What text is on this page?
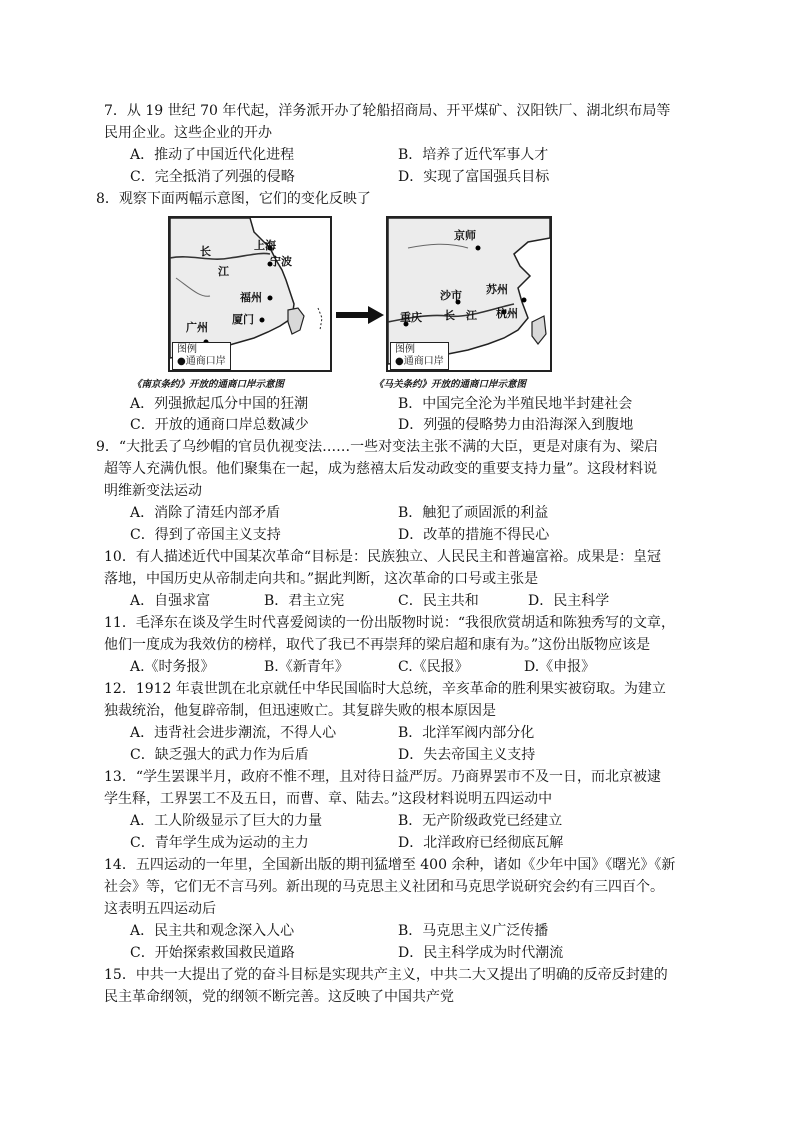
7．从 19 世纪 70 年代起，洋务派开办了轮船招商局、开平煤矿、汉阳铁厂、湖北织布局等
民用企业。这些企业的开办
A．推动了中国近代化进程	B．培养了近代军事人才
C．完全抵消了列强的侵略	D．实现了富国强兵目标
8．观察下面两幅示意图，它们的变化反映了
上海
长
江
宁波
福州
厦门
广州
图例
●通商口岸
《南京条约》开放的通商口岸示意图
京师
苏州
沙市
长 江 杭州
重庆
图例
●通商口岸
《马关条约》开放的通商口岸示意图
A．列强掀起瓜分中国的狂潮	B．中国完全沦为半殖民地半封建社会
C．开放的通商口岸总数减少	D．列强的侵略势力由沿海深入到腹地
9．“大批丢了乌纱帽的官员仇视变法……一些对变法主张不满的大臣，更是对康有为、梁启
超等人充满仇恨。他们聚集在一起，成为慈禧太后发动政变的重要支持力量”。这段材料说
明维新变法运动
A．消除了清廷内部矛盾	B．触犯了顽固派的利益
C．得到了帝国主义支持	D．改革的措施不得民心
10．有人描述近代中国某次革命“目标是：民族独立、人民民主和普遍富裕。成果是：皇冠
落地，中国历史从帝制走向共和。”据此判断，这次革命的口号或主张是
A．自强求富	B．君主立宪	C．民主共和	D．民主科学
11．毛泽东在谈及学生时代喜爱阅读的一份出版物时说：“我很欣赏胡适和陈独秀写的文章，
他们一度成为我效仿的榜样，取代了我已不再崇拜的梁启超和康有为。”这份出版物应该是
A.《时务报》	B.《新青年》	C.《民报》	D.《申报》
12．1912 年袁世凯在北京就任中华民国临时大总统，辛亥革命的胜利果实被窃取。为建立
独裁统治，他复辟帝制，但迅速败亡。其复辟失败的根本原因是
A．违背社会进步潮流，不得人心	B．北洋军阀内部分化
C．缺乏强大的武力作为后盾	D．失去帝国主义支持
13．“学生罢课半月，政府不惟不理，且对待日益严厉。乃商界罢市不及一日，而北京被逮
学生释，工界罢工不及五日，而曹、章、陆去。”这段材料说明五四运动中
A．工人阶级显示了巨大的力量	B．无产阶级政党已经建立
C．青年学生成为运动的主力	D．北洋政府已经彻底瓦解
14．五四运动的一年里，全国新出版的期刊猛增至 400 余种，诸如《少年中国》《曙光》《新
社会》等，它们无不言马列。新出现的马克思主义社团和马克思学说研究会约有三四百个。
这表明五四运动后
A．民主共和观念深入人心	B．马克思主义广泛传播
C．开始探索救国救民道路	D．民主科学成为时代潮流
15．中共一大提出了党的奋斗目标是实现共产主义，中共二大又提出了明确的反帝反封建的
民主革命纲领，党的纲领不断完善。这反映了中国共产党
